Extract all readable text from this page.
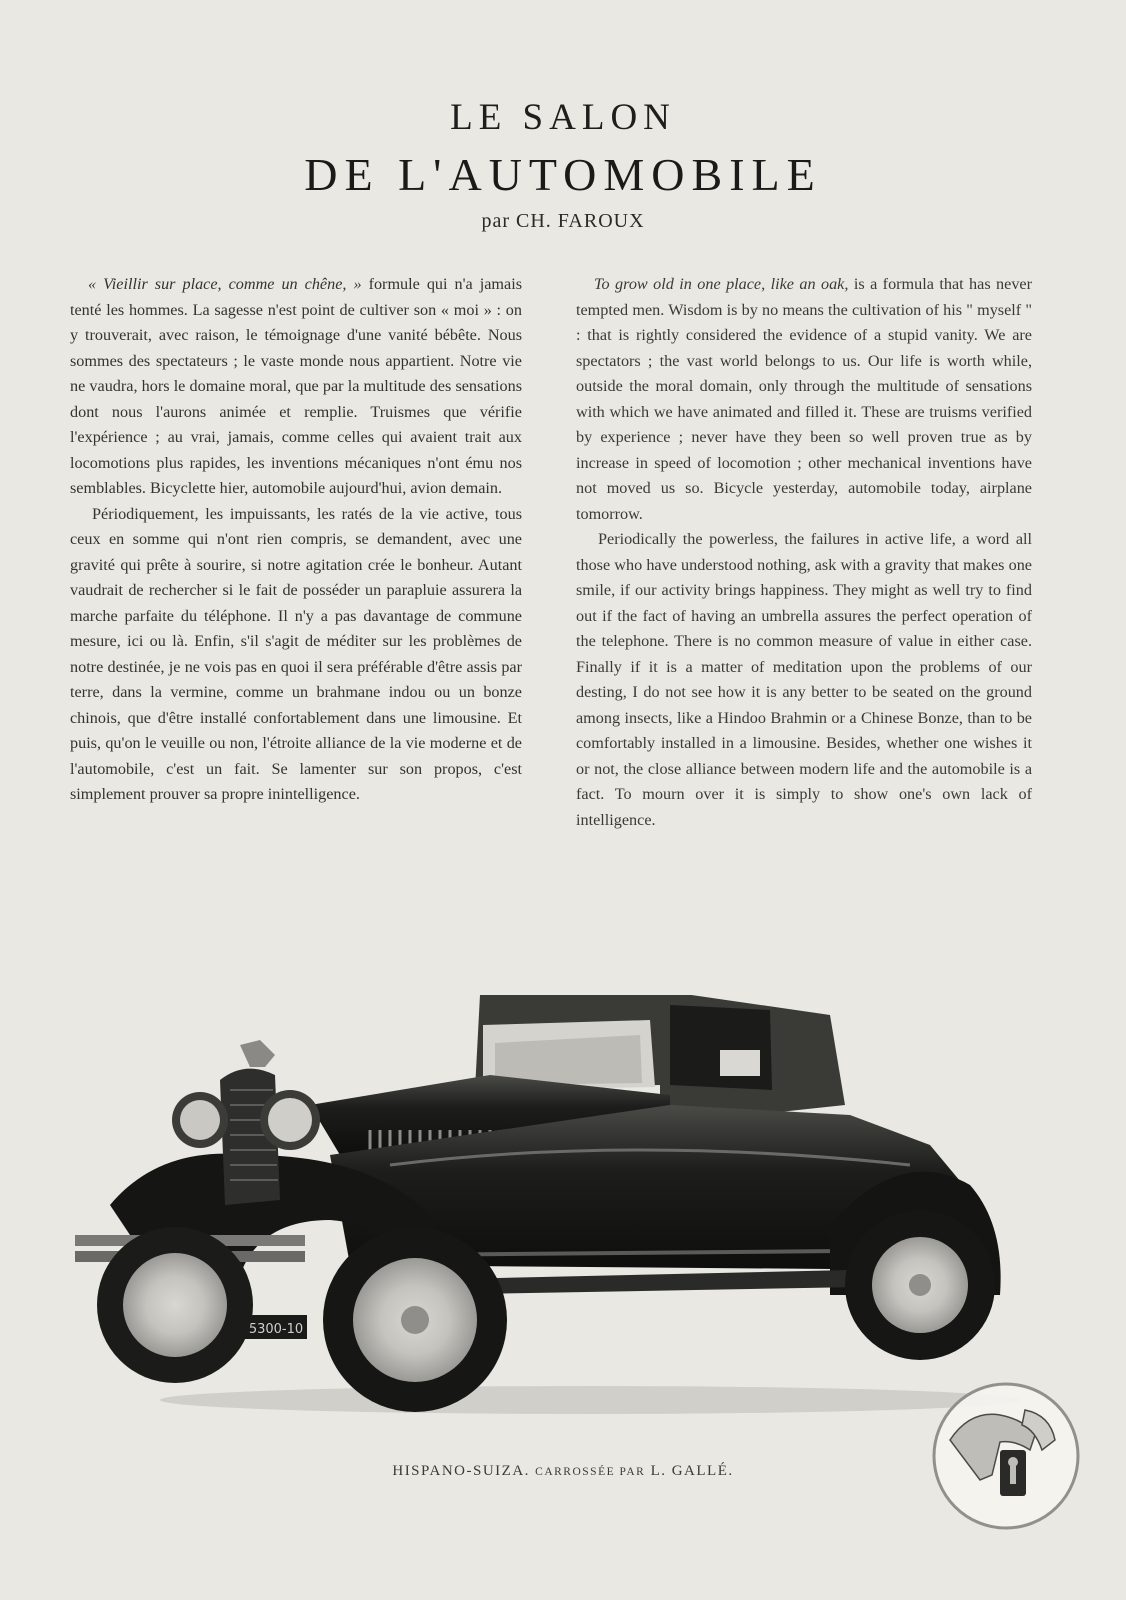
LE SALON
DE L'AUTOMOBILE
par CH. FAROUX

« Vieillir sur place, comme un chêne, » formule qui n'a jamais tenté les hommes. La sagesse n'est point de cultiver son « moi » : on y trouverait, avec raison, le témoignage d'une vanité bébête. Nous sommes des spectateurs ; le vaste monde nous appartient. Notre vie ne vaudra, hors le domaine moral, que par la multitude des sensations dont nous l'aurons animée et remplie. Truismes que vérifie l'expérience ; au vrai, jamais, comme celles qui avaient trait aux locomotions plus rapides, les inventions mécaniques n'ont ému nos semblables. Bicyclette hier, automobile aujourd'hui, avion demain.

Périodiquement, les impuissants, les ratés de la vie active, tous ceux en somme qui n'ont rien compris, se demandent, avec une gravité qui prête à sourire, si notre agitation crée le bonheur. Autant vaudrait de rechercher si le fait de posséder un parapluie assurera la marche parfaite du téléphone. Il n'y a pas davantage de commune mesure, ici ou là. Enfin, s'il s'agit de méditer sur les problèmes de notre destinée, je ne vois pas en quoi il sera préférable d'être assis par terre, dans la vermine, comme un brahmane indou ou un bonze chinois, que d'être installé confortablement dans une limousine. Et puis, qu'on le veuille ou non, l'étroite alliance de la vie moderne et de l'automobile, c'est un fait. Se lamenter sur son propos, c'est simplement prouver sa propre inintelligence.

To grow old in one place, like an oak, is a formula that has never tempted men. Wisdom is by no means the cultivation of his " myself " : that is rightly considered the evidence of a stupid vanity. We are spectators ; the vast world belongs to us. Our life is worth while, outside the moral domain, only through the multitude of sensations with which we have animated and filled it. These are truisms verified by experience ; never have they been so well proven true as by increase in speed of locomotion ; other mechanical inventions have not moved us so. Bicycle yesterday, automobile today, airplane tomorrow.

Periodically the powerless, the failures in active life, a word all those who have understood nothing, ask with a gravity that makes one smile, if our activity brings happiness. They might as well try to find out if the fact of having an umbrella assures the perfect operation of the telephone. There is no common measure of value in either case. Finally if it is a matter of meditation upon the problems of our desting, I do not see how it is any better to be seated on the ground among insects, like a Hindoo Brahmin or a Chinese Bonze, than to be comfortably installed in a limousine. Besides, whether one wishes it or not, the close alliance between modern life and the automobile is a fact. To mourn over it is simply to show one's own lack of intelligence.

5300-10
HISPANO-SUIZA. CARROSSÉE PAR L. GALLÉ.
